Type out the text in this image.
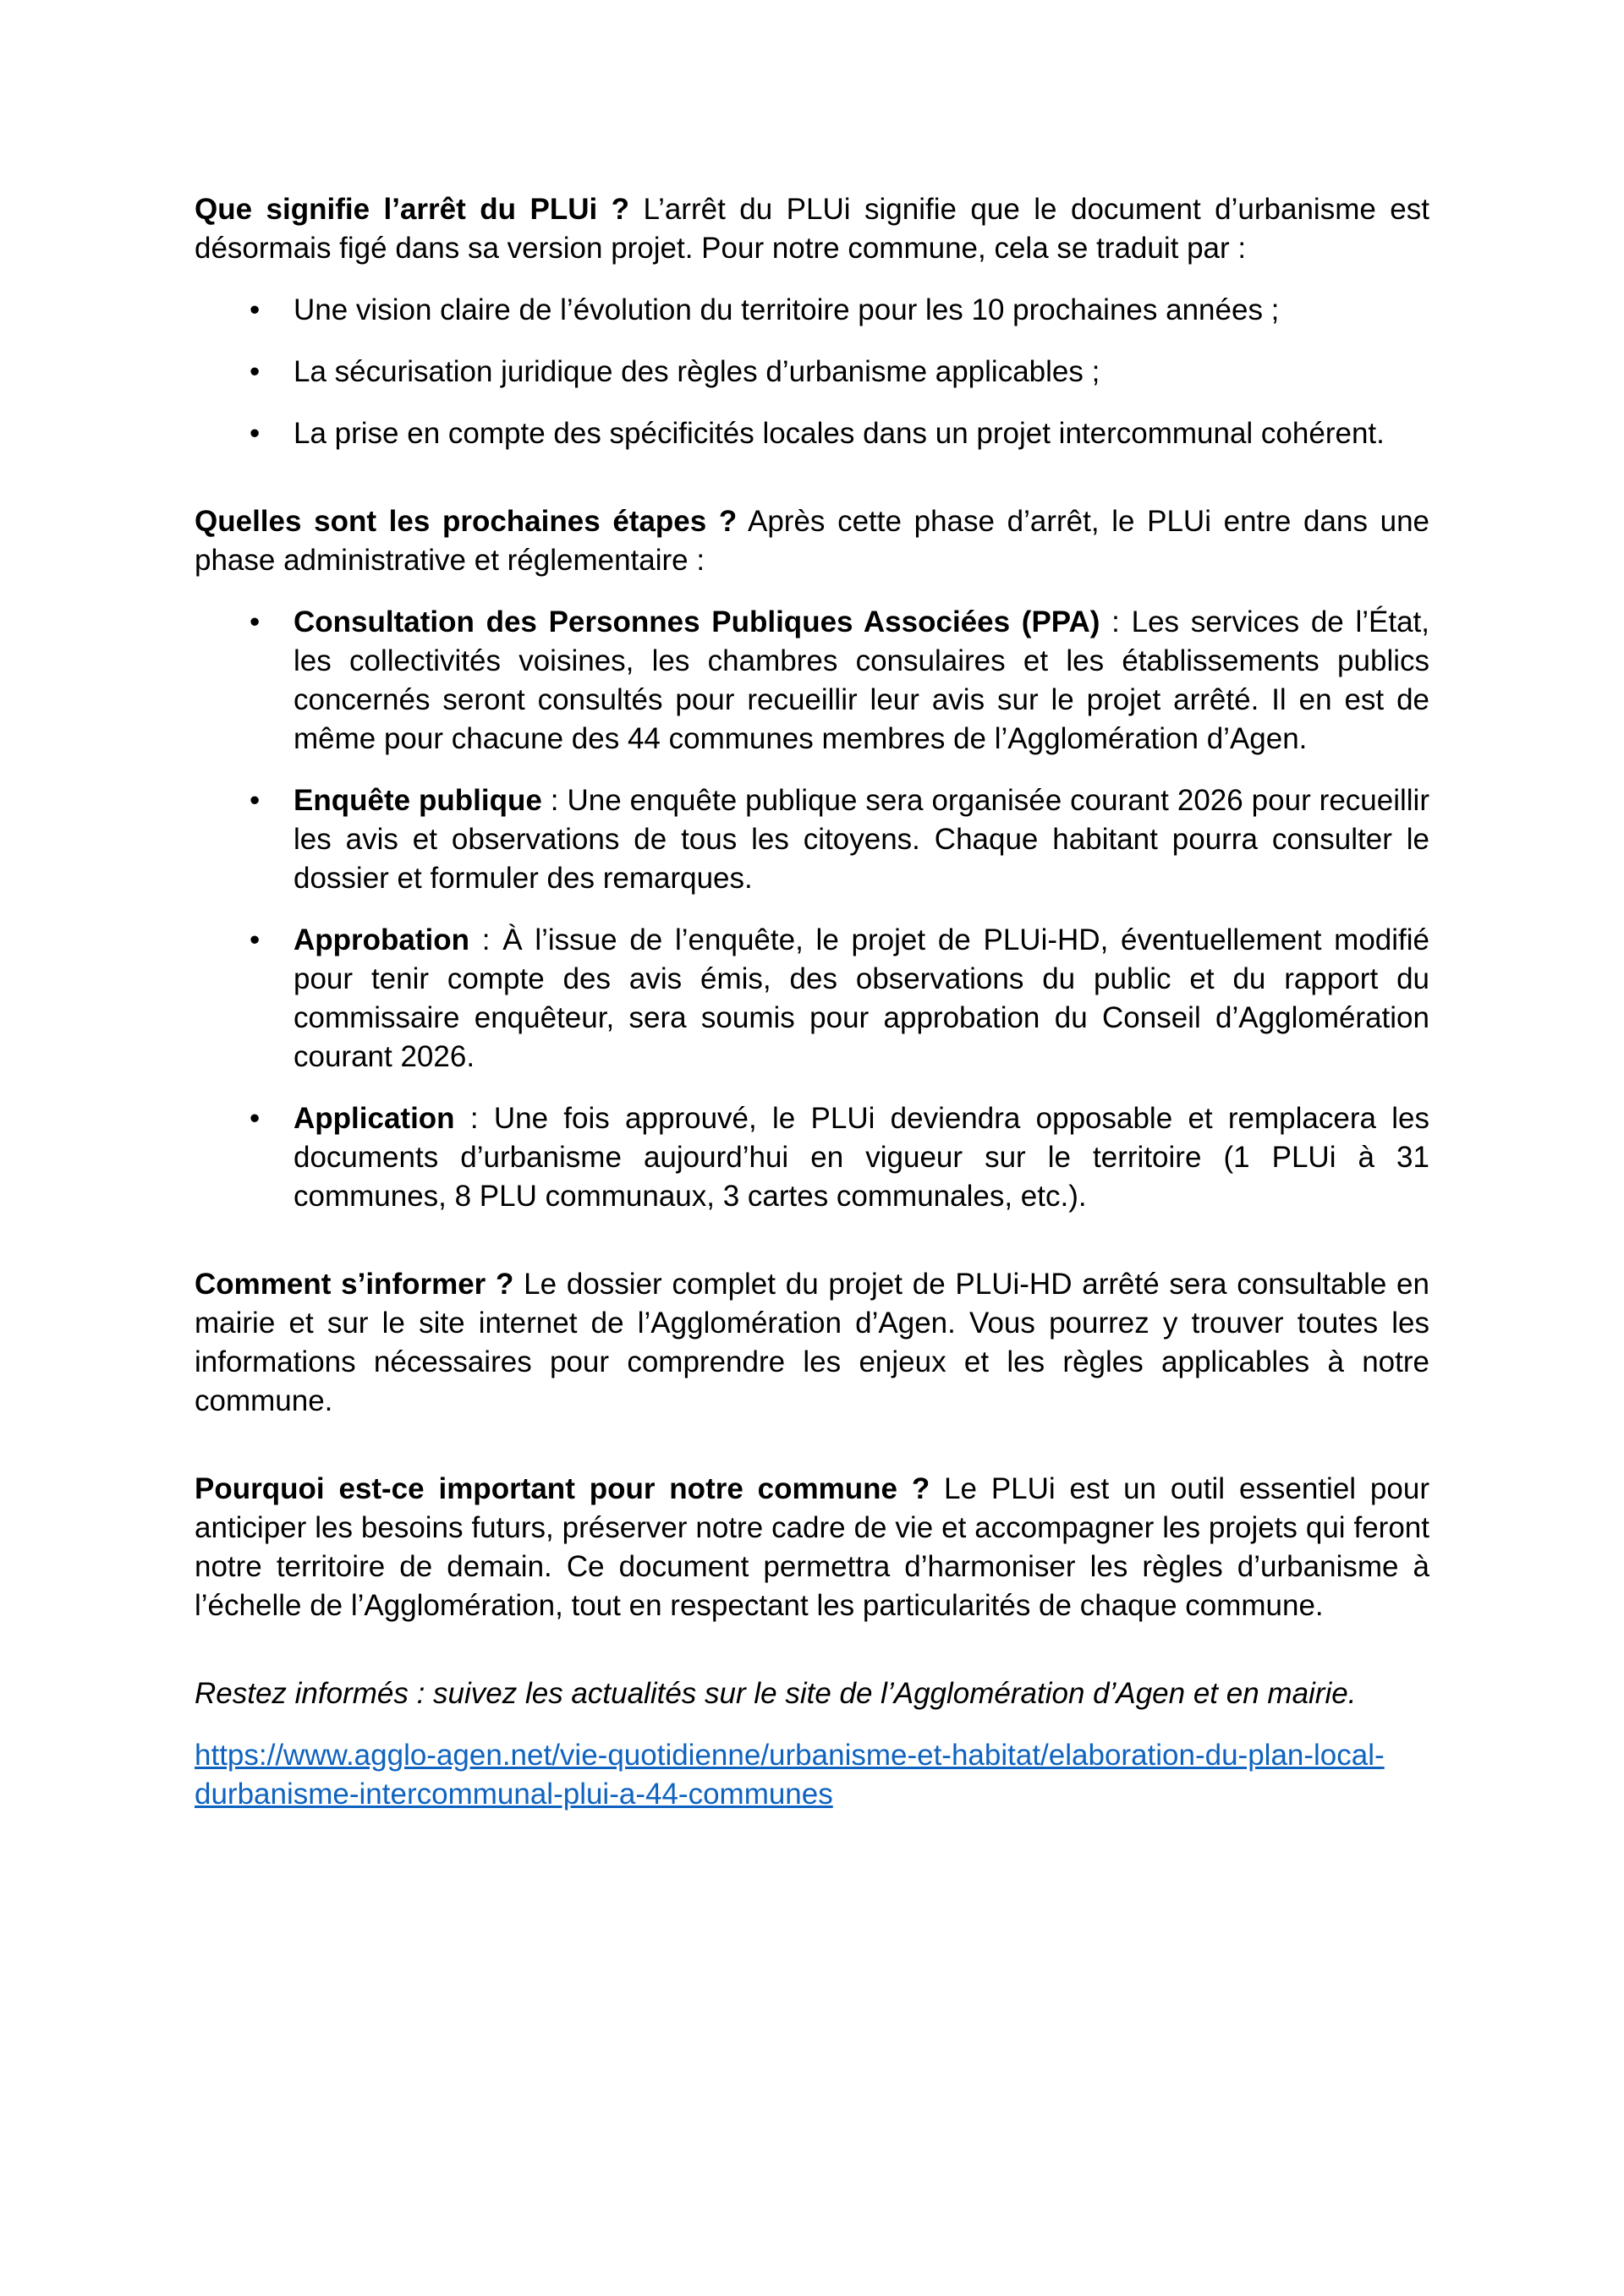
Que signifie l’arrêt du PLUi ? L’arrêt du PLUi signifie que le document d’urbanisme est désormais figé dans sa version projet. Pour notre commune, cela se traduit par :

• Une vision claire de l’évolution du territoire pour les 10 prochaines années ;
• La sécurisation juridique des règles d’urbanisme applicables ;
• La prise en compte des spécificités locales dans un projet intercommunal cohérent.

Quelles sont les prochaines étapes ? Après cette phase d’arrêt, le PLUi entre dans une phase administrative et réglementaire :

• Consultation des Personnes Publiques Associées (PPA) : Les services de l’État, les collectivités voisines, les chambres consulaires et les établissements publics concernés seront consultés pour recueillir leur avis sur le projet arrêté. Il en est de même pour chacune des 44 communes membres de l’Agglomération d’Agen.
• Enquête publique : Une enquête publique sera organisée courant 2026 pour recueillir les avis et observations de tous les citoyens. Chaque habitant pourra consulter le dossier et formuler des remarques.
• Approbation : À l’issue de l’enquête, le projet de PLUi-HD, éventuellement modifié pour tenir compte des avis émis, des observations du public et du rapport du commissaire enquêteur, sera soumis pour approbation du Conseil d’Agglomération courant 2026.
• Application : Une fois approuvé, le PLUi deviendra opposable et remplacera les documents d’urbanisme aujourd’hui en vigueur sur le territoire (1 PLUi à 31 communes, 8 PLU communaux, 3 cartes communales, etc.).

Comment s’informer ? Le dossier complet du projet de PLUi-HD arrêté sera consultable en mairie et sur le site internet de l’Agglomération d’Agen. Vous pourrez y trouver toutes les informations nécessaires pour comprendre les enjeux et les règles applicables à notre commune.

Pourquoi est-ce important pour notre commune ? Le PLUi est un outil essentiel pour anticiper les besoins futurs, préserver notre cadre de vie et accompagner les projets qui feront notre territoire de demain. Ce document permettra d’harmoniser les règles d’urbanisme à l’échelle de l’Agglomération, tout en respectant les particularités de chaque commune.

Restez informés : suivez les actualités sur le site de l’Agglomération d’Agen et en mairie.

https://www.agglo-agen.net/vie-quotidienne/urbanisme-et-habitat/elaboration-du-plan-local-durbanisme-intercommunal-plui-a-44-communes
